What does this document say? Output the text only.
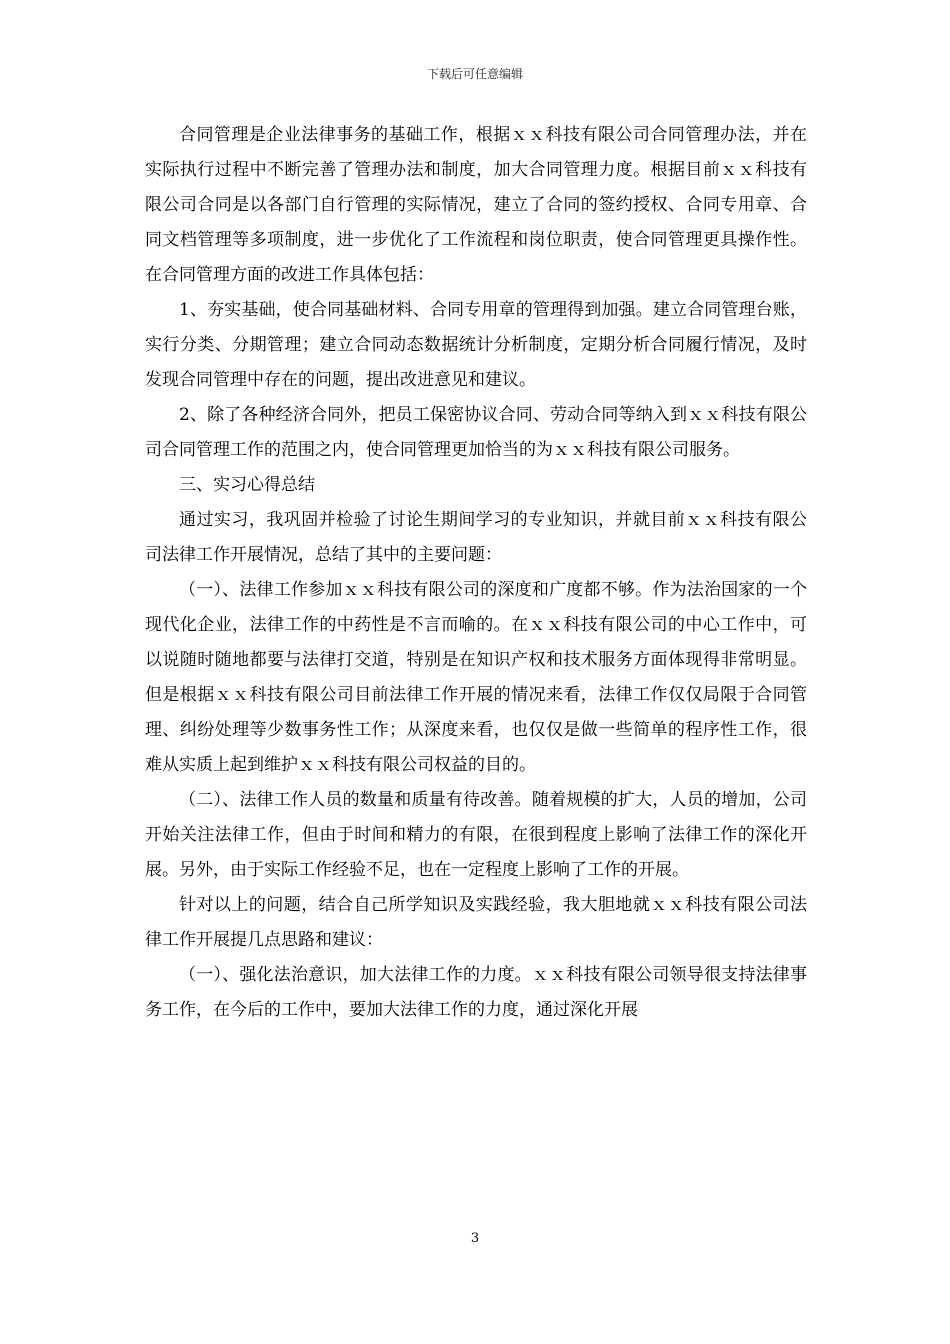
下载后可任意编辑

合同管理是企业法律事务的基础工作，根据ｘｘ科技有限公司合同管理办法，并在实际执行过程中不断完善了管理办法和制度，加大合同管理力度。根据目前ｘｘ科技有限公司合同是以各部门自行管理的实际情况，建立了合同的签约授权、合同专用章、合同文档管理等多项制度，进一步优化了工作流程和岗位职责，使合同管理更具操作性。在合同管理方面的改进工作具体包括：

1、夯实基础，使合同基础材料、合同专用章的管理得到加强。建立合同管理台账，实行分类、分期管理；建立合同动态数据统计分析制度，定期分析合同履行情况，及时发现合同管理中存在的问题，提出改进意见和建议。

2、除了各种经济合同外，把员工保密协议合同、劳动合同等纳入到ｘｘ科技有限公司合同管理工作的范围之内，使合同管理更加恰当的为ｘｘ科技有限公司服务。

三、实习心得总结

通过实习，我巩固并检验了讨论生期间学习的专业知识，并就目前ｘｘ科技有限公司法律工作开展情况，总结了其中的主要问题：

（一）、法律工作参加ｘｘ科技有限公司的深度和广度都不够。作为法治国家的一个现代化企业，法律工作的中药性是不言而喻的。在ｘｘ科技有限公司的中心工作中，可以说随时随地都要与法律打交道，特别是在知识产权和技术服务方面体现得非常明显。但是根据ｘｘ科技有限公司目前法律工作开展的情况来看，法律工作仅仅局限于合同管理、纠纷处理等少数事务性工作；从深度来看，也仅仅是做一些简单的程序性工作，很难从实质上起到维护ｘｘ科技有限公司权益的目的。

（二）、法律工作人员的数量和质量有待改善。随着规模的扩大，人员的增加，公司开始关注法律工作，但由于时间和精力的有限，在很到程度上影响了法律工作的深化开展。另外，由于实际工作经验不足，也在一定程度上影响了工作的开展。

针对以上的问题，结合自己所学知识及实践经验，我大胆地就ｘｘ科技有限公司法律工作开展提几点思路和建议：

（一）、强化法治意识，加大法律工作的力度。ｘｘ科技有限公司领导很支持法律事务工作，在今后的工作中，要加大法律工作的力度，通过深化开展

3
